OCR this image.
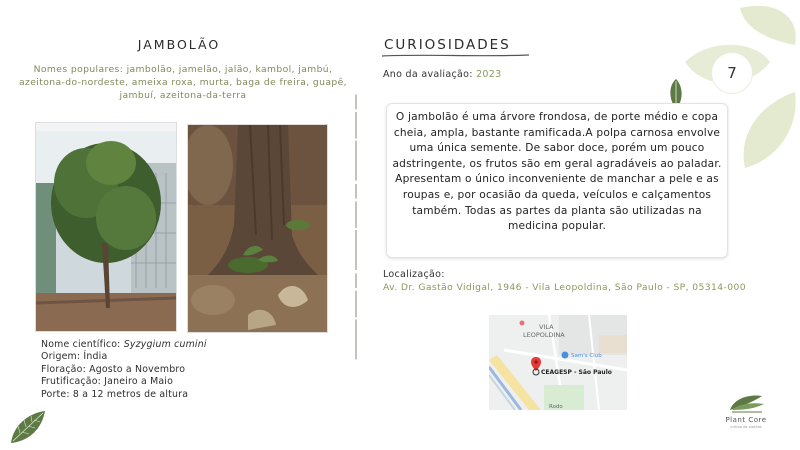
JAMBOLÃO
Nomes populares: jambolão, jamelão, jalão, kambol, jambú, azeitona-do-nordeste, ameixa roxa, murta, baga de freira, guapê, jambuí, azeitona-da-terra
Nome científico: Syzygium cumini
Origem: Índia
Floração: Agosto a Novembro
Frutificação: Janeiro a Maio
Porte: 8 a 12 metros de altura
CURIOSIDADES
Ano da avaliação: 2023	7
O jambolão é uma árvore frondosa, de porte médio e copa cheia, ampla, bastante ramificada.A polpa carnosa envolve uma única semente. De sabor doce, porém um pouco adstringente, os frutos são em geral agradáveis ao paladar. Apresentam o único inconveniente de manchar a pele e as roupas e, por ocasião da queda, veículos e calçamentos também. Todas as partes da planta são utilizadas na medicina popular.
Localização:
Av. Dr. Gastão Vidigal, 1946 - Vila Leopoldina, São Paulo - SP, 05314-000
VILA
LEOPOLDINA
Sam's Club
CEAGESP - São Paulo
Rodo
Plant Core
cultivo de plantas
